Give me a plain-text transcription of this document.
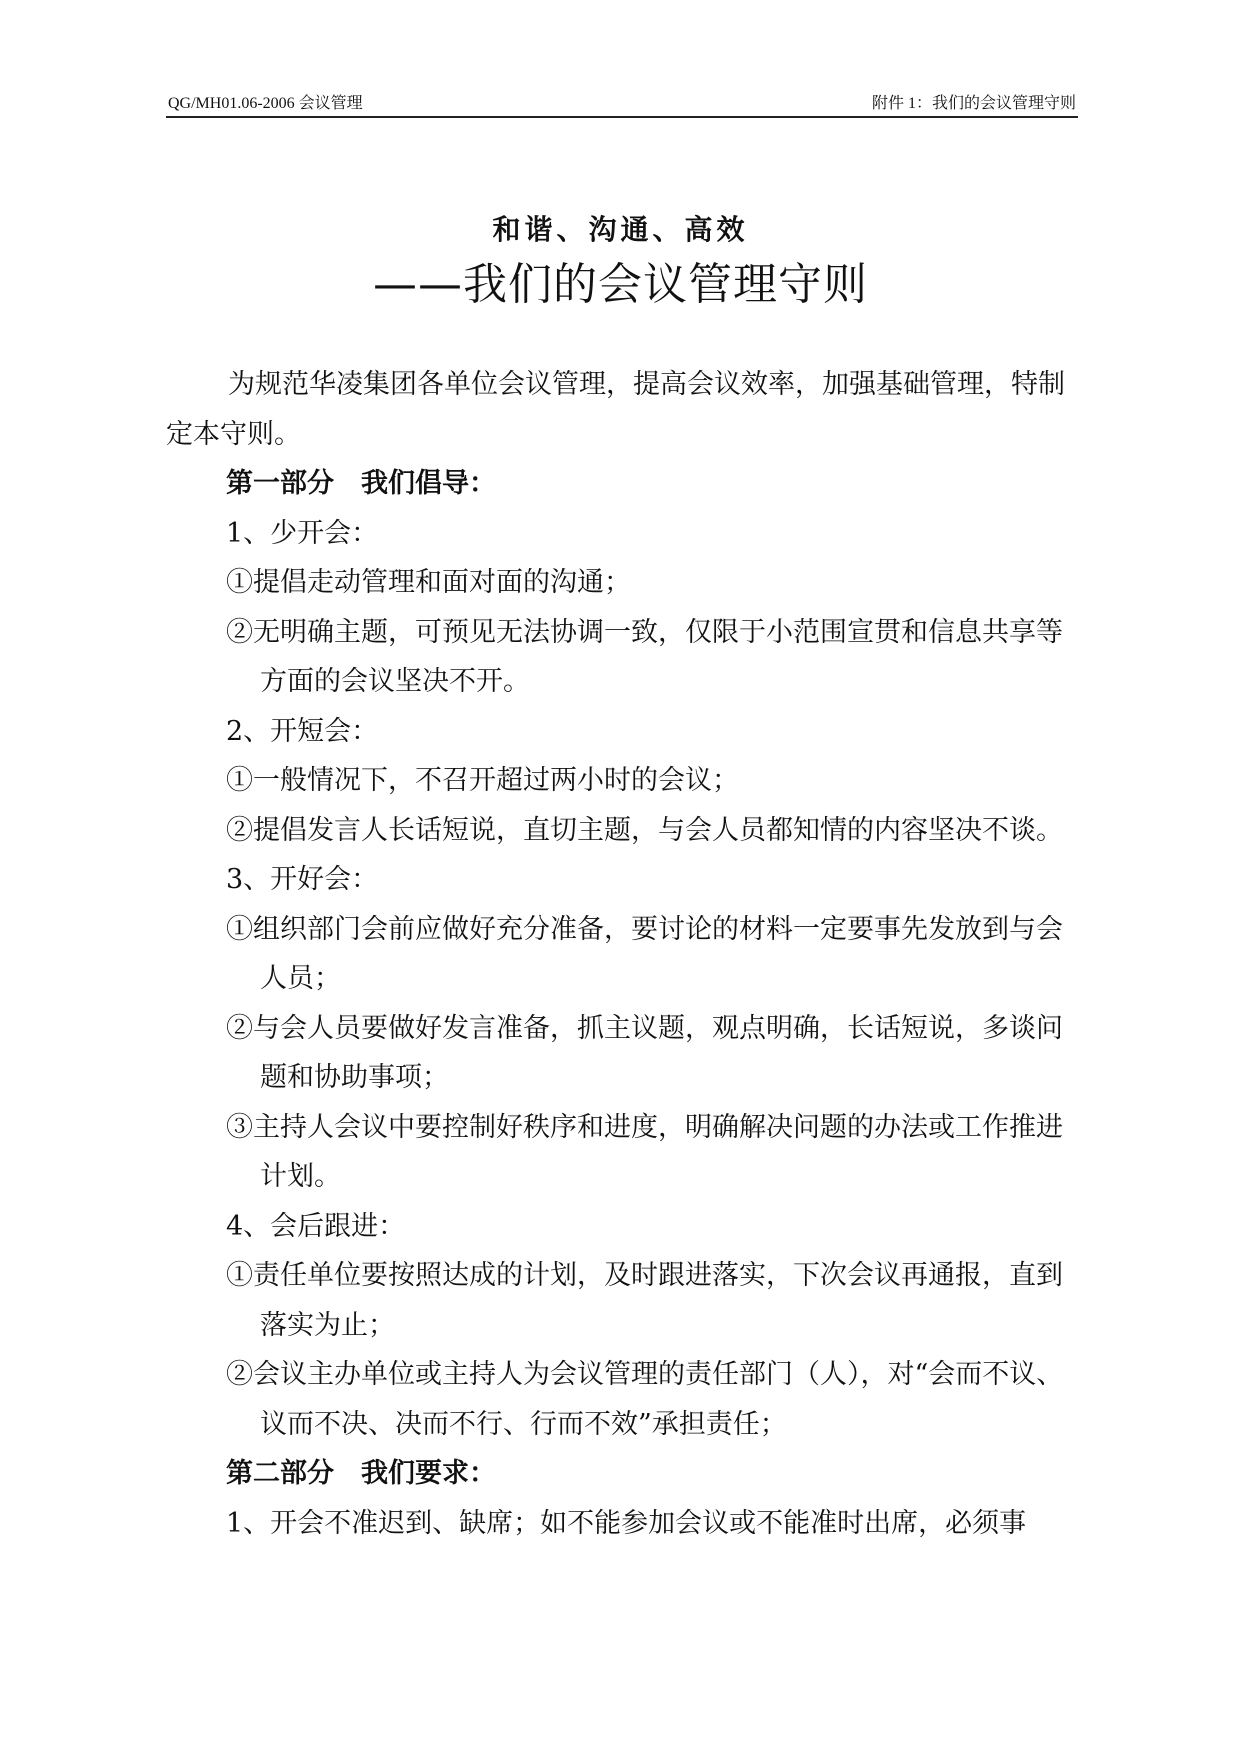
QG/MH01.06-2006 会议管理	附件 1：我们的会议管理守则
和谐、沟通、高效
——我们的会议管理守则

为规范华凌集团各单位会议管理，提高会议效率，加强基础管理，特制定本守则。

第一部分　我们倡导：

1、少开会：

①提倡走动管理和面对面的沟通；

②无明确主题，可预见无法协调一致，仅限于小范围宣贯和信息共享等方面的会议坚决不开。

2、开短会：

①一般情况下，不召开超过两小时的会议；

②提倡发言人长话短说，直切主题，与会人员都知情的内容坚决不谈。

3、开好会：

①组织部门会前应做好充分准备，要讨论的材料一定要事先发放到与会人员；

②与会人员要做好发言准备，抓主议题，观点明确，长话短说，多谈问题和协助事项；

③主持人会议中要控制好秩序和进度，明确解决问题的办法或工作推进计划。

4、会后跟进：

①责任单位要按照达成的计划，及时跟进落实，下次会议再通报，直到落实为止；

②会议主办单位或主持人为会议管理的责任部门（人），对“会而不议、议而不决、决而不行、行而不效”承担责任；

第二部分　我们要求：

1、开会不准迟到、缺席；如不能参加会议或不能准时出席，必须事
